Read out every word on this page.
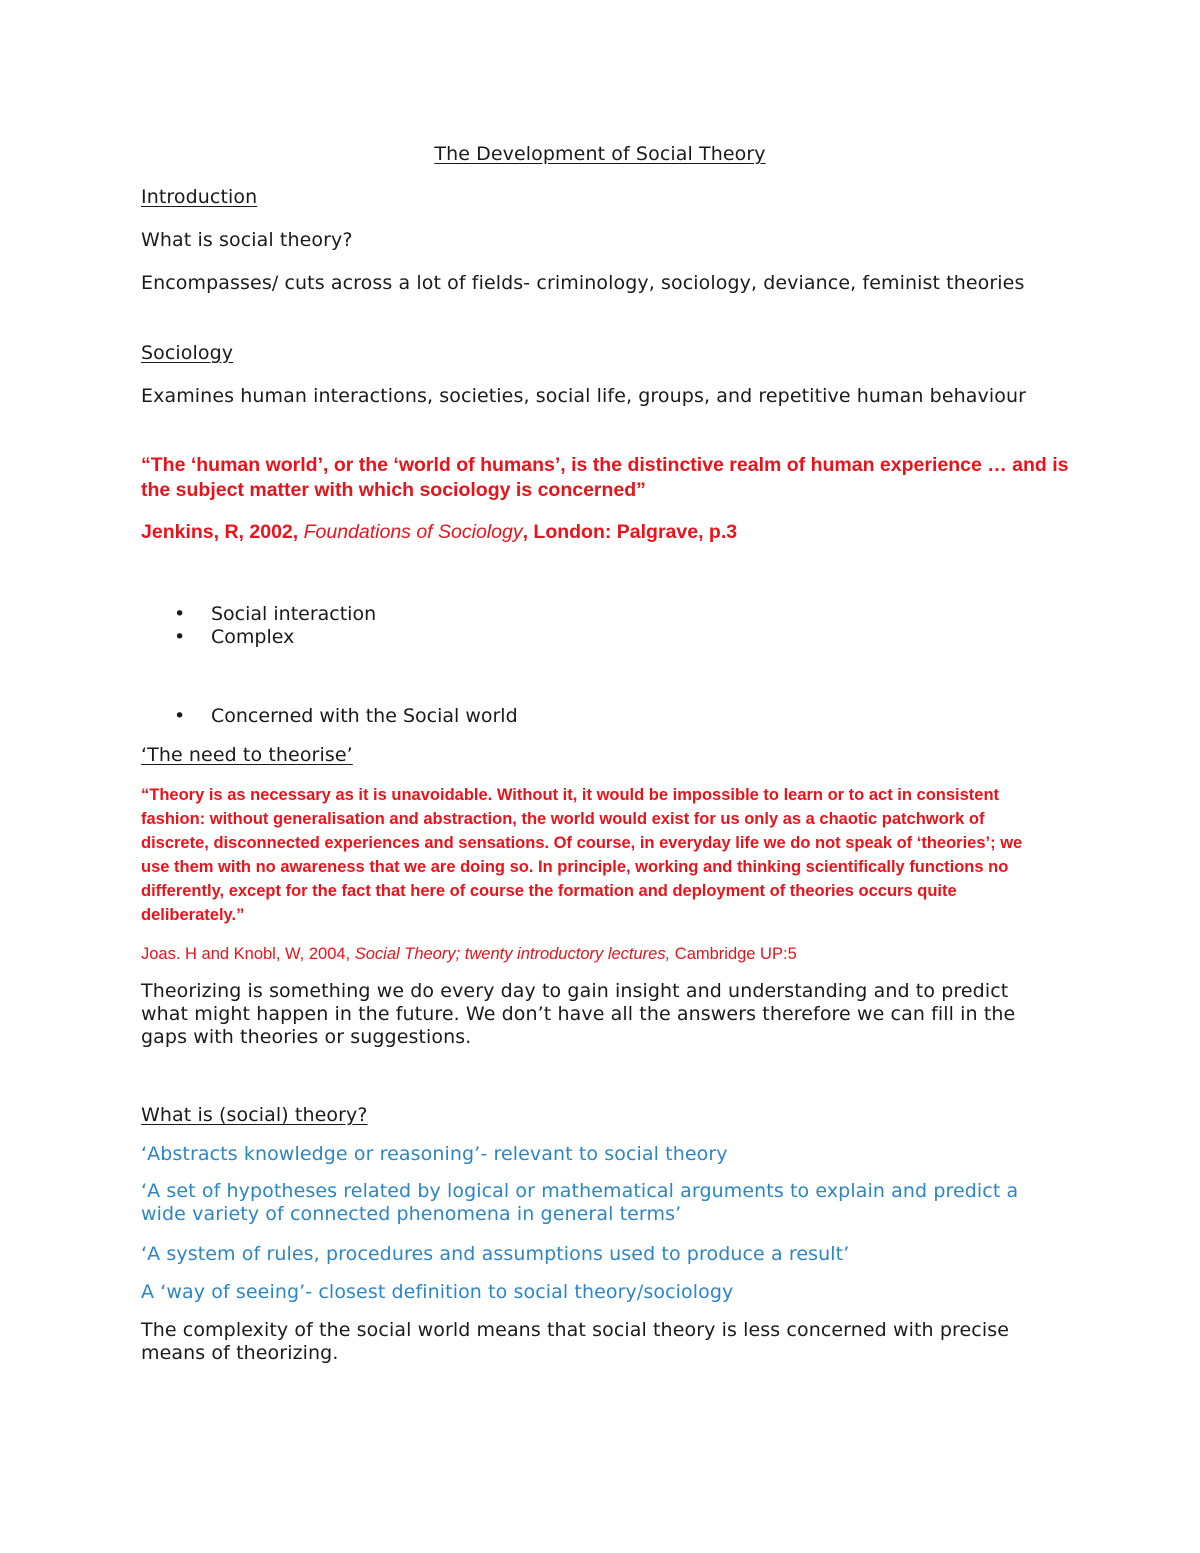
The Development of Social Theory

Introduction

What is social theory?

Encompasses/ cuts across a lot of fields- criminology, sociology, deviance, feminist theories

Sociology

Examines human interactions, societies, social life, groups, and repetitive human behaviour

“The ‘human world’, or the ‘world of humans’, is the distinctive realm of human experience … and is the subject matter with which sociology is concerned”

Jenkins, R, 2002, Foundations of Sociology, London: Palgrave, p.3

• Social interaction
• Complex
• Concerned with the Social world

‘The need to theorise’

“Theory is as necessary as it is unavoidable. Without it, it would be impossible to learn or to act in consistent fashion: without generalisation and abstraction, the world would exist for us only as a chaotic patchwork of discrete, disconnected experiences and sensations. Of course, in everyday life we do not speak of ‘theories’; we use them with no awareness that we are doing so. In principle, working and thinking scientifically functions no differently, except for the fact that here of course the formation and deployment of theories occurs quite deliberately.”

Joas. H and Knobl, W, 2004, Social Theory; twenty introductory lectures, Cambridge UP:5

Theorizing is something we do every day to gain insight and understanding and to predict what might happen in the future. We don’t have all the answers therefore we can fill in the gaps with theories or suggestions.

What is (social) theory?

‘Abstracts knowledge or reasoning’- relevant to social theory

‘A set of hypotheses related by logical or mathematical arguments to explain and predict a wide variety of connected phenomena in general terms’

‘A system of rules, procedures and assumptions used to produce a result’

A ‘way of seeing’- closest definition to social theory/sociology

The complexity of the social world means that social theory is less concerned with precise means of theorizing.
